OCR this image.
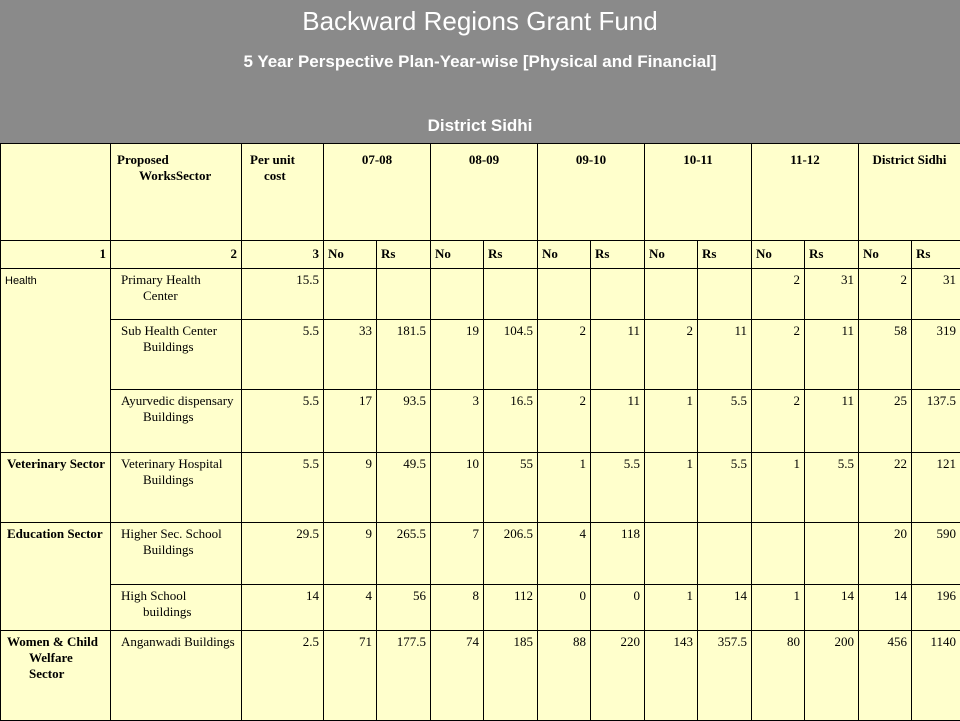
Backward Regions Grant Fund
5 Year Perspective Plan-Year-wise [Physical and Financial]
District Sidhi
	Proposed WorksSector	Per unit cost	07-08		08-09		09-10		10-11		11-12		District Sidhi	
1	2	3	No	Rs	No	Rs	No	Rs	No	Rs	No	Rs	No	Rs
Health	Primary Health Center	15.5									2	31	2	31
	Sub Health Center Buildings	5.5	33	181.5	19	104.5	2	11	2	11	2	11	58	319
	Ayurvedic dispensary Buildings	5.5	17	93.5	3	16.5	2	11	1	5.5	2	11	25	137.5
Veterinary Sector	Veterinary Hospital Buildings	5.5	9	49.5	10	55	1	5.5	1	5.5	1	5.5	22	121
Education Sector	Higher Sec. School Buildings	29.5	9	265.5	7	206.5	4	118					20	590
	High School buildings	14	4	56	8	112	0	0	1	14	1	14	14	196
Women & Child Welfare Sector	Anganwadi Buildings	2.5	71	177.5	74	185	88	220	143	357.5	80	200	456	1140
